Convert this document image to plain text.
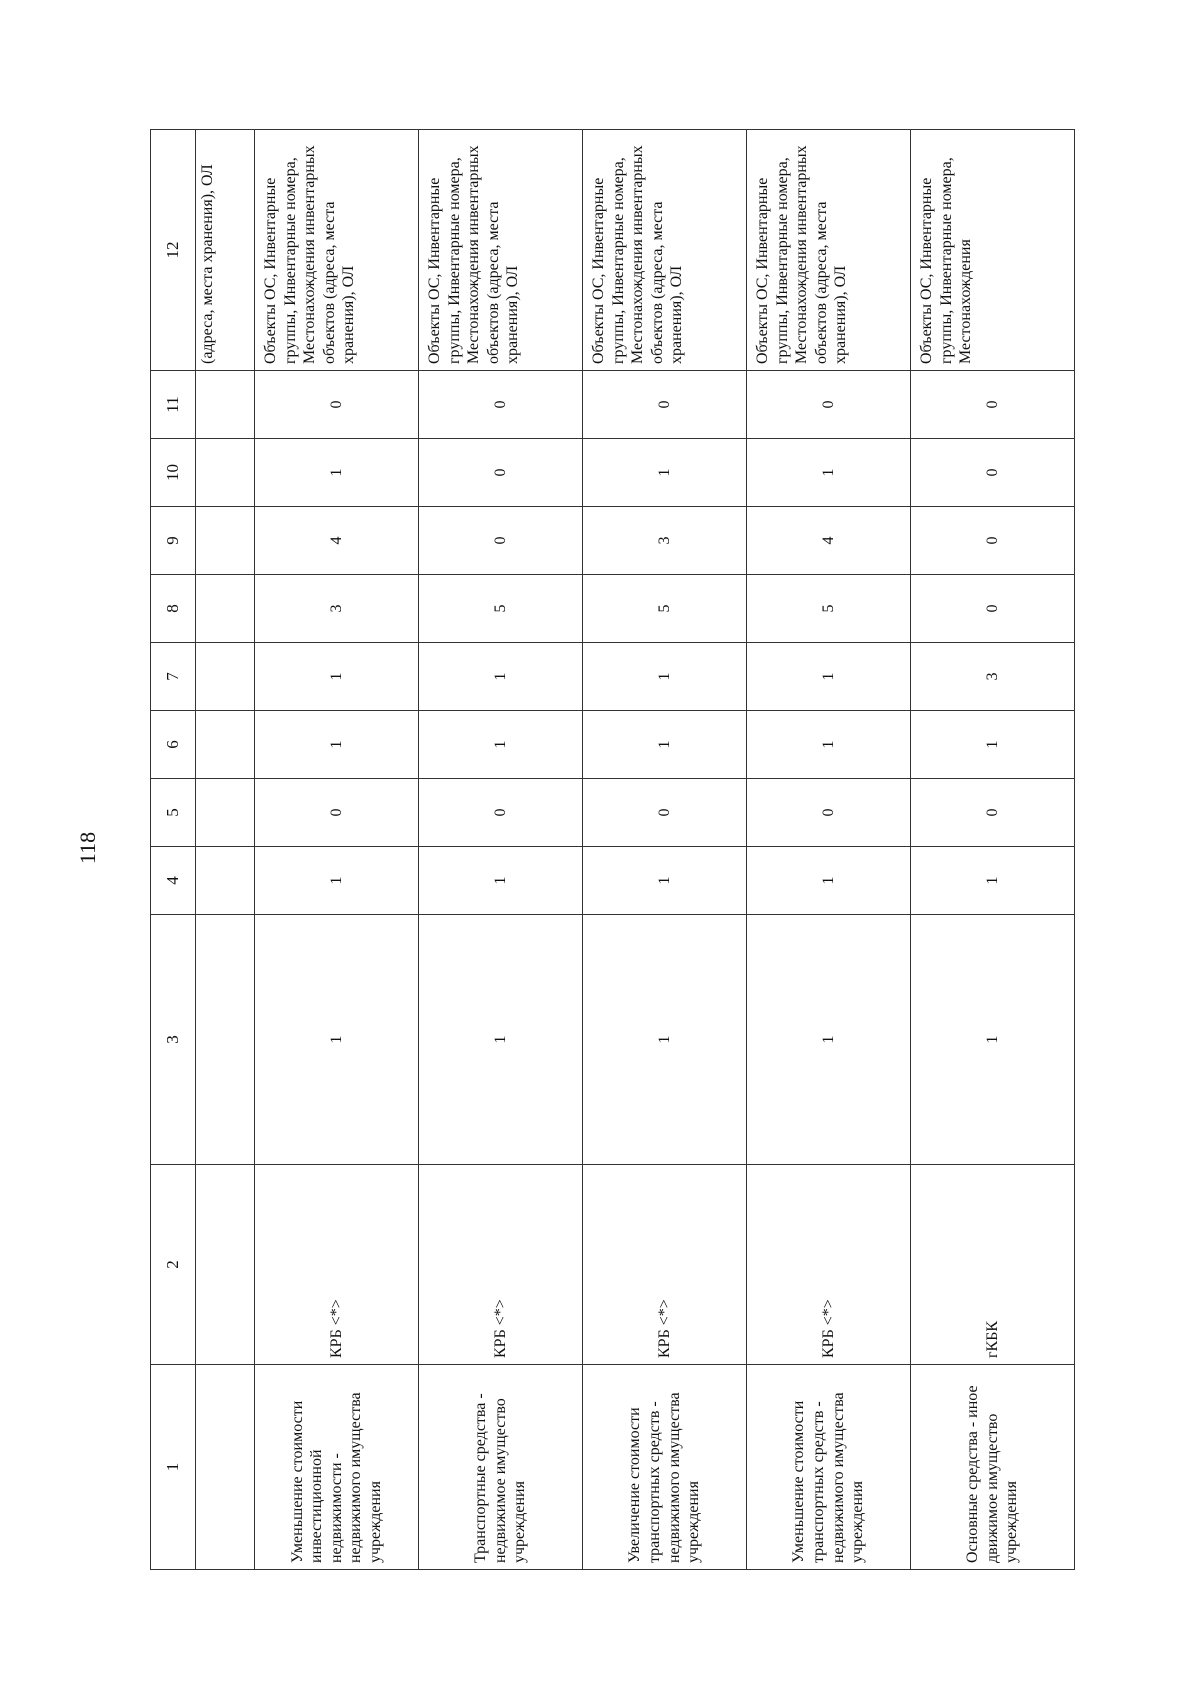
118
1	2	3	4	5	6	7	8	9	10	11	12
											(адреса, места хранения), ОЛ
Уменьшение стоимости инвестиционной недвижимости - недвижимого имущества учреждения	КРБ <*>	1	1	0	1	1	3	4	1	0	Объекты ОС, Инвентарные группы, Инвентарные номера, Местонахождения инвентарных объектов (адреса, места хранения), ОЛ
Транспортные средства - недвижимое имущество учреждения	КРБ <*>	1	1	0	1	1	5	0	0	0	Объекты ОС, Инвентарные группы, Инвентарные номера, Местонахождения инвентарных объектов (адреса, места хранения), ОЛ
Увеличение стоимости транспортных средств - недвижимого имущества учреждения	КРБ <*>	1	1	0	1	1	5	3	1	0	Объекты ОС, Инвентарные группы, Инвентарные номера, Местонахождения инвентарных объектов (адреса, места хранения), ОЛ
Уменьшение стоимости транспортных средств - недвижимого имущества учреждения	КРБ <*>	1	1	0	1	1	5	4	1	0	Объекты ОС, Инвентарные группы, Инвентарные номера, Местонахождения инвентарных объектов (адреса, места хранения), ОЛ
Основные средства - иное движимое имущество учреждения	гКБК	1	1	0	1	3	0	0	0	0	Объекты ОС, Инвентарные группы, Инвентарные номера, Местонахождения
